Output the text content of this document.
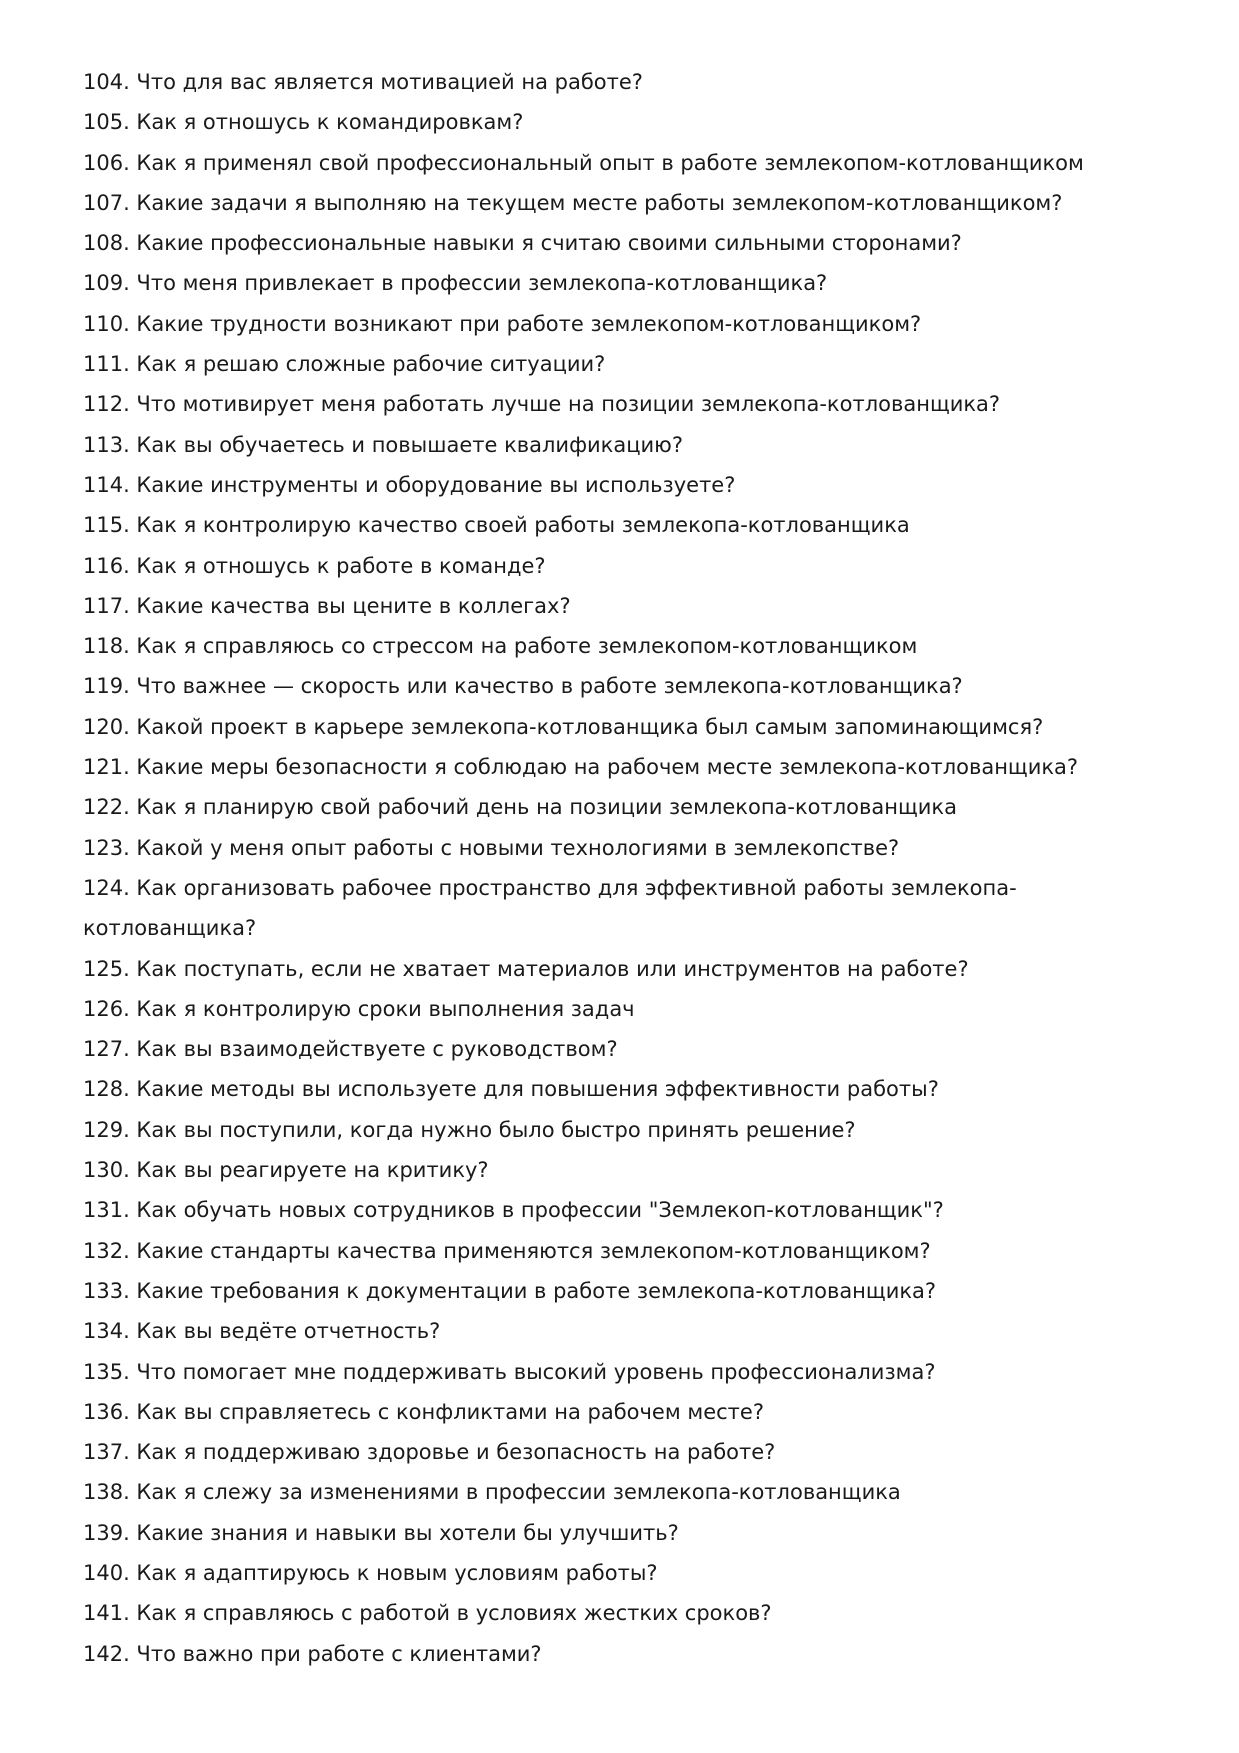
104. Что для вас является мотивацией на работе?
105. Как я отношусь к командировкам?
106. Как я применял свой профессиональный опыт в работе землекопом-котлованщиком
107. Какие задачи я выполняю на текущем месте работы землекопом-котлованщиком?
108. Какие профессиональные навыки я считаю своими сильными сторонами?
109. Что меня привлекает в профессии землекопа-котлованщика?
110. Какие трудности возникают при работе землекопом-котлованщиком?
111. Как я решаю сложные рабочие ситуации?
112. Что мотивирует меня работать лучше на позиции землекопа-котлованщика?
113. Как вы обучаетесь и повышаете квалификацию?
114. Какие инструменты и оборудование вы используете?
115. Как я контролирую качество своей работы землекопа-котлованщика
116. Как я отношусь к работе в команде?
117. Какие качества вы цените в коллегах?
118. Как я справляюсь со стрессом на работе землекопом-котлованщиком
119. Что важнее — скорость или качество в работе землекопа-котлованщика?
120. Какой проект в карьере землекопа-котлованщика был самым запоминающимся?
121. Какие меры безопасности я соблюдаю на рабочем месте землекопа-котлованщика?
122. Как я планирую свой рабочий день на позиции землекопа-котлованщика
123. Какой у меня опыт работы с новыми технологиями в землекопстве?
124. Как организовать рабочее пространство для эффективной работы землекопа-котлованщика?
125. Как поступать, если не хватает материалов или инструментов на работе?
126. Как я контролирую сроки выполнения задач
127. Как вы взаимодействуете с руководством?
128. Какие методы вы используете для повышения эффективности работы?
129. Как вы поступили, когда нужно было быстро принять решение?
130. Как вы реагируете на критику?
131. Как обучать новых сотрудников в профессии "Землекоп-котлованщик"?
132. Какие стандарты качества применяются землекопом-котлованщиком?
133. Какие требования к документации в работе землекопа-котлованщика?
134. Как вы ведёте отчетность?
135. Что помогает мне поддерживать высокий уровень профессионализма?
136. Как вы справляетесь с конфликтами на рабочем месте?
137. Как я поддерживаю здоровье и безопасность на работе?
138. Как я слежу за изменениями в профессии землекопа-котлованщика
139. Какие знания и навыки вы хотели бы улучшить?
140. Как я адаптируюсь к новым условиям работы?
141. Как я справляюсь с работой в условиях жестких сроков?
142. Что важно при работе с клиентами?
